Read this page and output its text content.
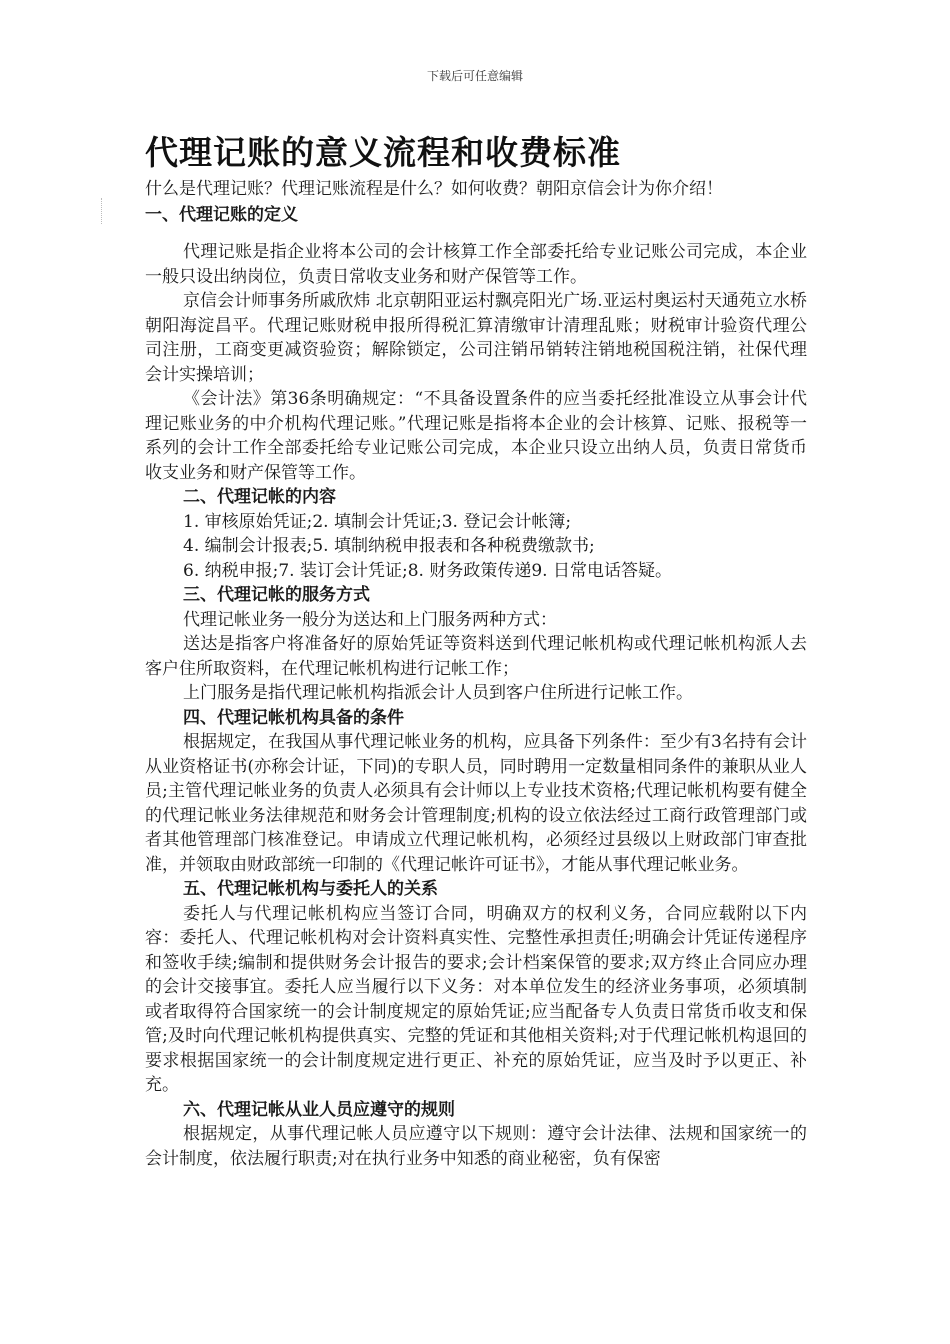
下载后可任意编辑
代理记账的意义流程和收费标准

什么是代理记账？代理记账流程是什么？如何收费？朝阳京信会计为你介绍！

一、代理记账的定义

代理记账是指企业将本公司的会计核算工作全部委托给专业记账公司完成，本企业一般只设出纳岗位，负责日常收支业务和财产保管等工作。

京信会计师事务所戚欣炜 北京朝阳亚运村飘亮阳光广场.亚运村奥运村天通苑立水桥朝阳海淀昌平。代理记账财税申报所得税汇算清缴审计清理乱账；财税审计验资代理公司注册，工商变更减资验资；解除锁定，公司注销吊销转注销地税国税注销，社保代理会计实操培训；

《会计法》第36条明确规定：“不具备设置条件的应当委托经批准设立从事会计代理记账业务的中介机构代理记账。”代理记账是指将本企业的会计核算、记账、报税等一系列的会计工作全部委托给专业记账公司完成，本企业只设立出纳人员，负责日常货币收支业务和财产保管等工作。

二、代理记帐的内容

1. 审核原始凭证;2. 填制会计凭证;3. 登记会计帐簿;

4. 编制会计报表;5. 填制纳税申报表和各种税费缴款书;

6. 纳税申报;7. 装订会计凭证;8. 财务政策传递9. 日常电话答疑。

三、代理记帐的服务方式

代理记帐业务一般分为送达和上门服务两种方式：

送达是指客户将准备好的原始凭证等资料送到代理记帐机构或代理记帐机构派人去客户住所取资料，在代理记帐机构进行记帐工作；

上门服务是指代理记帐机构指派会计人员到客户住所进行记帐工作。

四、代理记帐机构具备的条件

根据规定，在我国从事代理记帐业务的机构，应具备下列条件：至少有3名持有会计从业资格证书(亦称会计证，下同)的专职人员，同时聘用一定数量相同条件的兼职从业人员;主管代理记帐业务的负责人必须具有会计师以上专业技术资格;代理记帐机构要有健全的代理记帐业务法律规范和财务会计管理制度;机构的设立依法经过工商行政管理部门或者其他管理部门核准登记。申请成立代理记帐机构，必须经过县级以上财政部门审查批准，并领取由财政部统一印制的《代理记帐许可证书》，才能从事代理记帐业务。

五、代理记帐机构与委托人的关系

委托人与代理记帐机构应当签订合同，明确双方的权利义务，合同应载附以下内容：委托人、代理记帐机构对会计资料真实性、完整性承担责任;明确会计凭证传递程序和签收手续;编制和提供财务会计报告的要求;会计档案保管的要求;双方终止合同应办理的会计交接事宜。委托人应当履行以下义务：对本单位发生的经济业务事项，必须填制或者取得符合国家统一的会计制度规定的原始凭证;应当配备专人负责日常货币收支和保管;及时向代理记帐机构提供真实、完整的凭证和其他相关资料;对于代理记帐机构退回的要求根据国家统一的会计制度规定进行更正、补充的原始凭证，应当及时予以更正、补充。

六、代理记帐从业人员应遵守的规则

根据规定，从事代理记帐人员应遵守以下规则：遵守会计法律、法规和国家统一的会计制度，依法履行职责;对在执行业务中知悉的商业秘密，负有保密
